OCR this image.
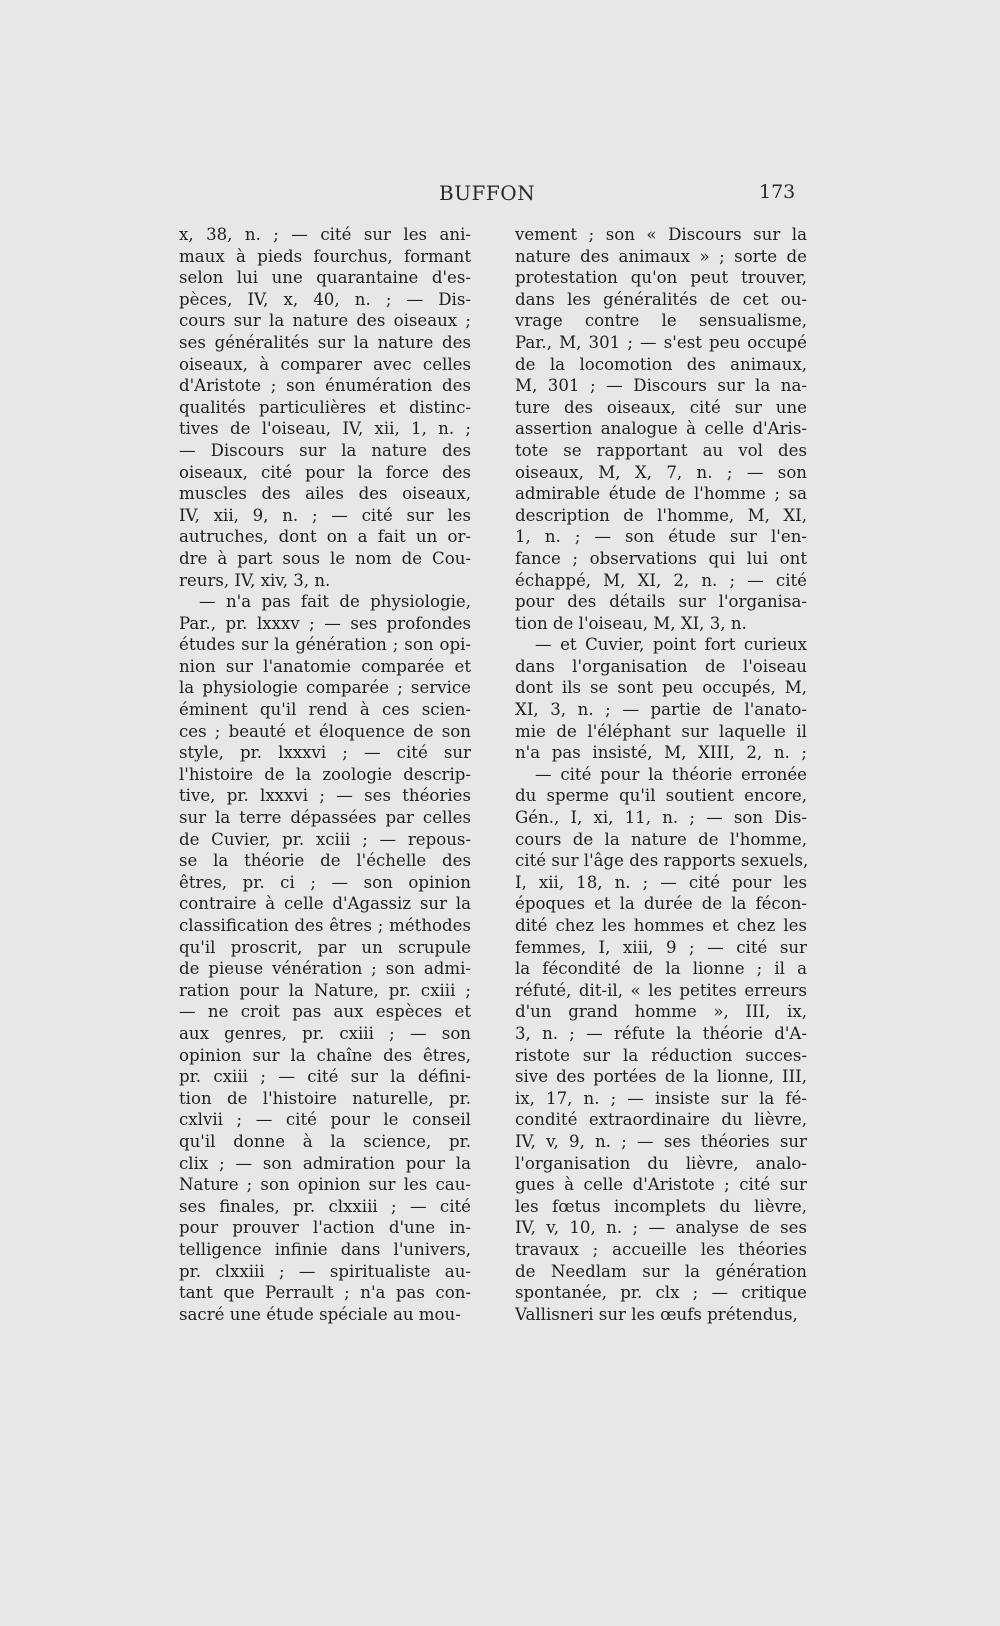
BUFFON	173
x, 38, n. ; — cité sur les ani-
maux à pieds fourchus, formant
selon lui une quarantaine d'es-
pèces, IV, x, 40, n. ; — Dis-
cours sur la nature des oiseaux ;
ses généralités sur la nature des
oiseaux, à comparer avec celles
d'Aristote ; son énumération des
qualités particulières et distinc-
tives de l'oiseau, IV, xii, 1, n. ;
— Discours sur la nature des
oiseaux, cité pour la force des
muscles des ailes des oiseaux,
IV, xii, 9, n. ; — cité sur les
autruches, dont on a fait un or-
dre à part sous le nom de Cou-
reurs, IV, xiv, 3, n.
— n'a pas fait de physiologie,
Par., pr. lxxxv ; — ses profondes
études sur la génération ; son opi-
nion sur l'anatomie comparée et
la physiologie comparée ; service
éminent qu'il rend à ces scien-
ces ; beauté et éloquence de son
style, pr. lxxxvi ; — cité sur
l'histoire de la zoologie descrip-
tive, pr. lxxxvi ; — ses théories
sur la terre dépassées par celles
de Cuvier, pr. xciii ; — repous-
se la théorie de l'échelle des
êtres, pr. ci ; — son opinion
contraire à celle d'Agassiz sur la
classification des êtres ; méthodes
qu'il proscrit, par un scrupule
de pieuse vénération ; son admi-
ration pour la Nature, pr. cxiii ;
— ne croit pas aux espèces et
aux genres, pr. cxiii ; — son
opinion sur la chaîne des êtres,
pr. cxiii ; — cité sur la défini-
tion de l'histoire naturelle, pr.
cxlvii ; — cité pour le conseil
qu'il donne à la science, pr.
clix ; — son admiration pour la
Nature ; son opinion sur les cau-
ses finales, pr. clxxiii ; — cité
pour prouver l'action d'une in-
telligence infinie dans l'univers,
pr. clxxiii ; — spiritualiste au-
tant que Perrault ; n'a pas con-
sacré une étude spéciale au mou-
vement ; son « Discours sur la
nature des animaux » ; sorte de
protestation qu'on peut trouver,
dans les généralités de cet ou-
vrage contre le sensualisme,
Par., M, 301 ; — s'est peu occupé
de la locomotion des animaux,
M, 301 ; — Discours sur la na-
ture des oiseaux, cité sur une
assertion analogue à celle d'Aris-
tote se rapportant au vol des
oiseaux, M, X, 7, n. ; — son
admirable étude de l'homme ; sa
description de l'homme, M, XI,
1, n. ; — son étude sur l'en-
fance ; observations qui lui ont
échappé, M, XI, 2, n. ; — cité
pour des détails sur l'organisa-
tion de l'oiseau, M, XI, 3, n.
— et Cuvier, point fort curieux
dans l'organisation de l'oiseau
dont ils se sont peu occupés, M,
XI, 3, n. ; — partie de l'anato-
mie de l'éléphant sur laquelle il
n'a pas insisté, M, XIII, 2, n. ;
— cité pour la théorie erronée
du sperme qu'il soutient encore,
Gén., I, xi, 11, n. ; — son Dis-
cours de la nature de l'homme,
cité sur l'âge des rapports sexuels,
I, xii, 18, n. ; — cité pour les
époques et la durée de la fécon-
dité chez les hommes et chez les
femmes, I, xiii, 9 ; — cité sur
la fécondité de la lionne ; il a
réfuté, dit-il, « les petites erreurs
d'un grand homme », III, ix,
3, n. ; — réfute la théorie d'A-
ristote sur la réduction succes-
sive des portées de la lionne, III,
ix, 17, n. ; — insiste sur la fé-
condité extraordinaire du lièvre,
IV, v, 9, n. ; — ses théories sur
l'organisation du lièvre, analo-
gues à celle d'Aristote ; cité sur
les fœtus incomplets du lièvre,
IV, v, 10, n. ; — analyse de ses
travaux ; accueille les théories
de Needlam sur la génération
spontanée, pr. clx ; — critique
Vallisneri sur les œufs prétendus,
